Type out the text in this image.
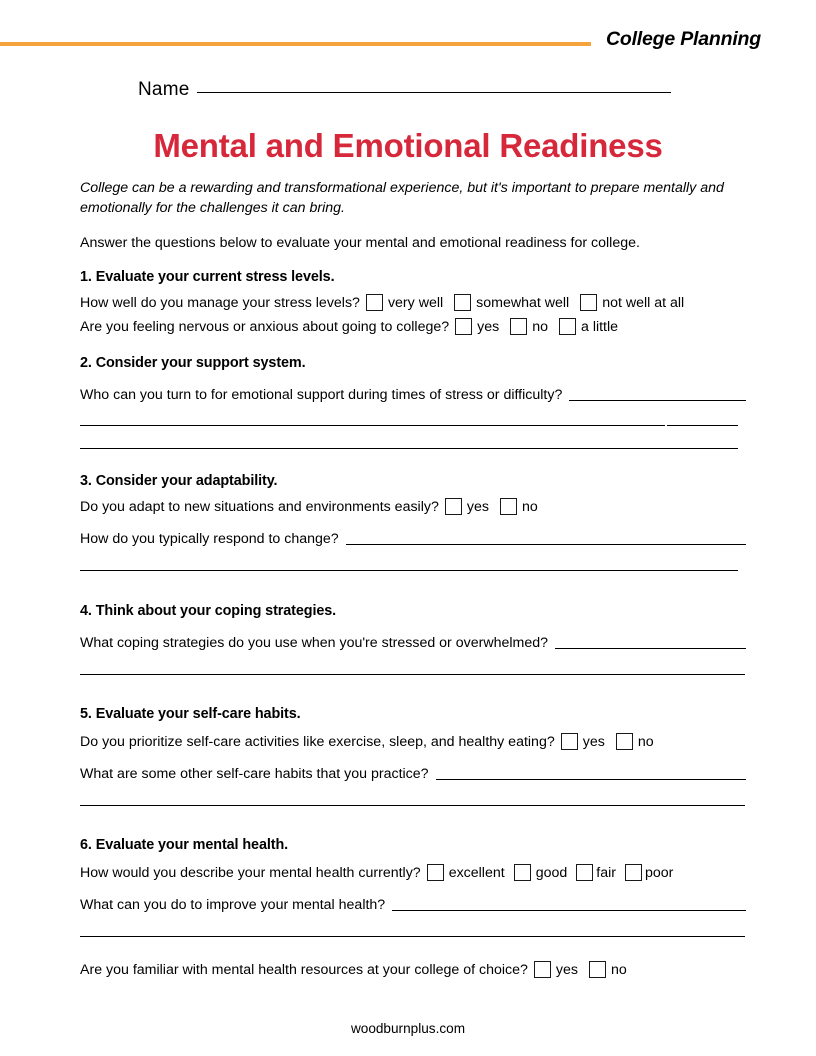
College Planning
Name
Mental and Emotional Readiness

College can be a rewarding and transformational experience, but it's important to prepare mentally and emotionally for the challenges it can bring.

Answer the questions below to evaluate your mental and emotional readiness for college.

1. Evaluate your current stress levels.

How well do you manage your stress levels? very well somewhat well not well at all
Are you feeling nervous or anxious about going to college? yes no a little

2. Consider your support system.

Who can you turn to for emotional support during times of stress or difficulty?

3. Consider your adaptability.

Do you adapt to new situations and environments easily? yes no
How do you typically respond to change?

4. Think about your coping strategies.

What coping strategies do you use when you're stressed or overwhelmed?

5. Evaluate your self-care habits.

Do you prioritize self-care activities like exercise, sleep, and healthy eating? yes no
What are some other self-care habits that you practice?

6. Evaluate your mental health.

How would you describe your mental health currently? excellent good fair poor
What can you do to improve your mental health?
Are you familiar with mental health resources at your college of choice? yes no
woodburnplus.com
